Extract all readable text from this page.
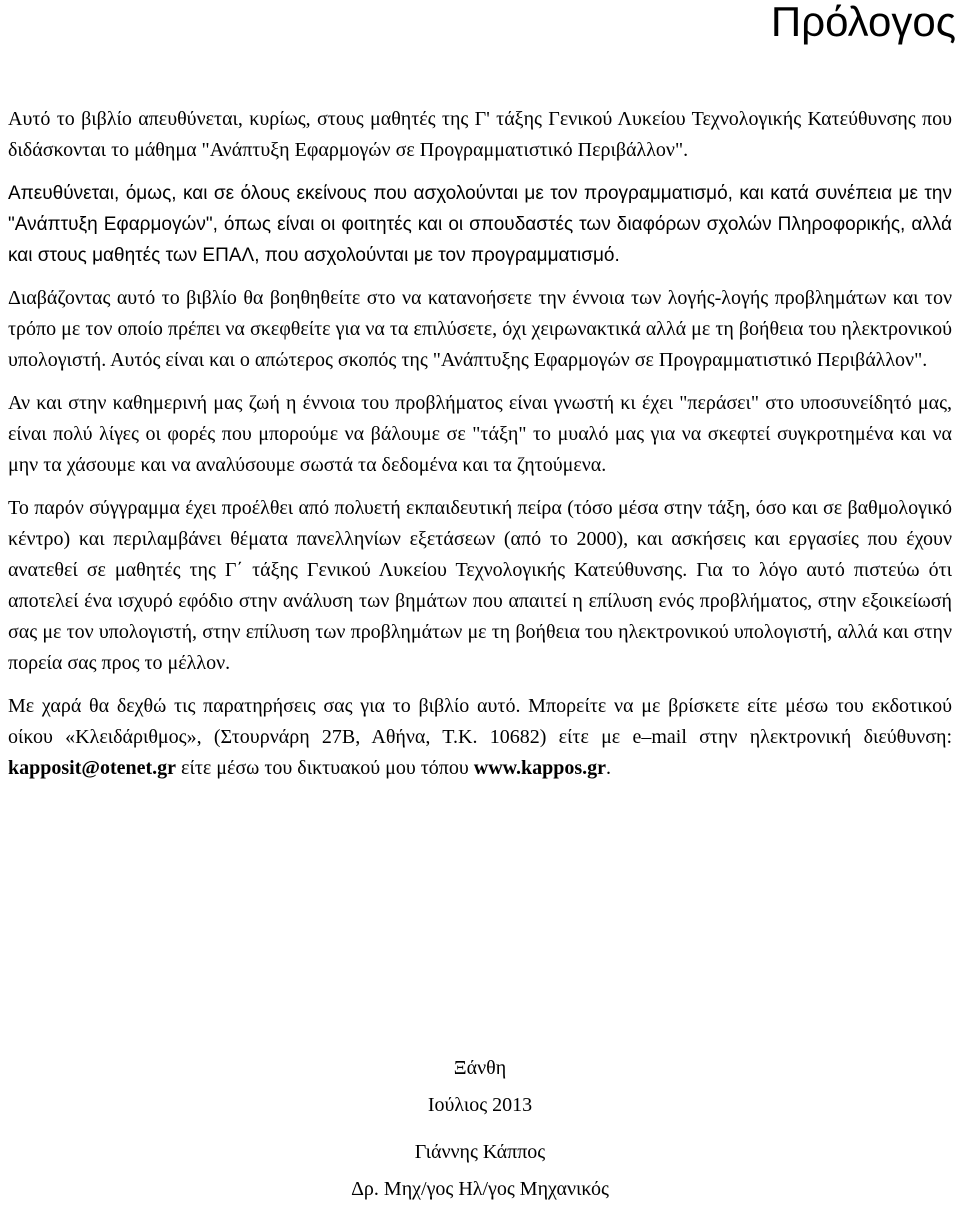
Πρόλογος

Αυτό το βιβλίο απευθύνεται, κυρίως, στους μαθητές της Γ' τάξης Γενικού Λυκείου Τεχνολογικής Κατεύθυνσης που διδάσκονται το μάθημα "Ανάπτυξη Εφαρμογών σε Προγραμματιστικό Περιβάλλον".

Απευθύνεται, όμως, και σε όλους εκείνους που ασχολούνται με τον προγραμματισμό, και κατά συνέπεια με την "Ανάπτυξη Εφαρμογών", όπως είναι οι φοιτητές και οι σπουδαστές των διαφόρων σχολών Πληροφορικής, αλλά και στους μαθητές των ΕΠΑΛ, που ασχολούνται με τον προγραμματισμό.

Διαβάζοντας αυτό το βιβλίο θα βοηθηθείτε στο να κατανοήσετε την έννοια των λογής-λογής προβλημάτων και τον τρόπο με τον οποίο πρέπει να σκεφθείτε για να τα επιλύσετε, όχι χειρωνακτικά αλλά με τη βοήθεια του ηλεκτρονικού υπολογιστή. Αυτός είναι και ο απώτερος σκοπός της "Ανάπτυξης Εφαρμογών σε Προγραμματιστικό Περιβάλλον".

Αν και στην καθημερινή μας ζωή η έννοια του προβλήματος είναι γνωστή κι έχει "περάσει" στο υποσυνείδητό μας, είναι πολύ λίγες οι φορές που μπορούμε να βάλουμε σε "τάξη" το μυαλό μας για να σκεφτεί συγκροτημένα και να μην τα χάσουμε και να αναλύσουμε σωστά τα δεδομένα και τα ζητούμενα.

Το παρόν σύγγραμμα έχει προέλθει από πολυετή εκπαιδευτική πείρα (τόσο μέσα στην τάξη, όσο και σε βαθμολογικό κέντρο) και περιλαμβάνει θέματα πανελληνίων εξετάσεων (από το 2000), και ασκήσεις και εργασίες που έχουν ανατεθεί σε μαθητές της Γ΄ τάξης Γενικού Λυκείου Τεχνολογικής Κατεύθυνσης. Για το λόγο αυτό πιστεύω ότι αποτελεί ένα ισχυρό εφόδιο στην ανάλυση των βημάτων που απαιτεί η επίλυση ενός προβλήματος, στην εξοικείωσή σας με τον υπολογιστή, στην επίλυση των προβλημάτων με τη βοήθεια του ηλεκτρονικού υπολογιστή, αλλά και στην πορεία σας προς το μέλλον.

Με χαρά θα δεχθώ τις παρατηρήσεις σας για το βιβλίο αυτό. Μπορείτε να με βρίσκετε είτε μέσω του εκδοτικού οίκου «Κλειδάριθμος», (Στουρνάρη 27Β, Αθήνα, Τ.Κ. 10682) είτε με e–mail στην ηλεκτρονική διεύθυνση: kapposit@otenet.gr είτε μέσω του δικτυακού μου τόπου www.kappos.gr.

Ξάνθη
Ιούλιος 2013
Γιάννης Κάππος
Δρ. Μηχ/γος Ηλ/γος Μηχανικός
